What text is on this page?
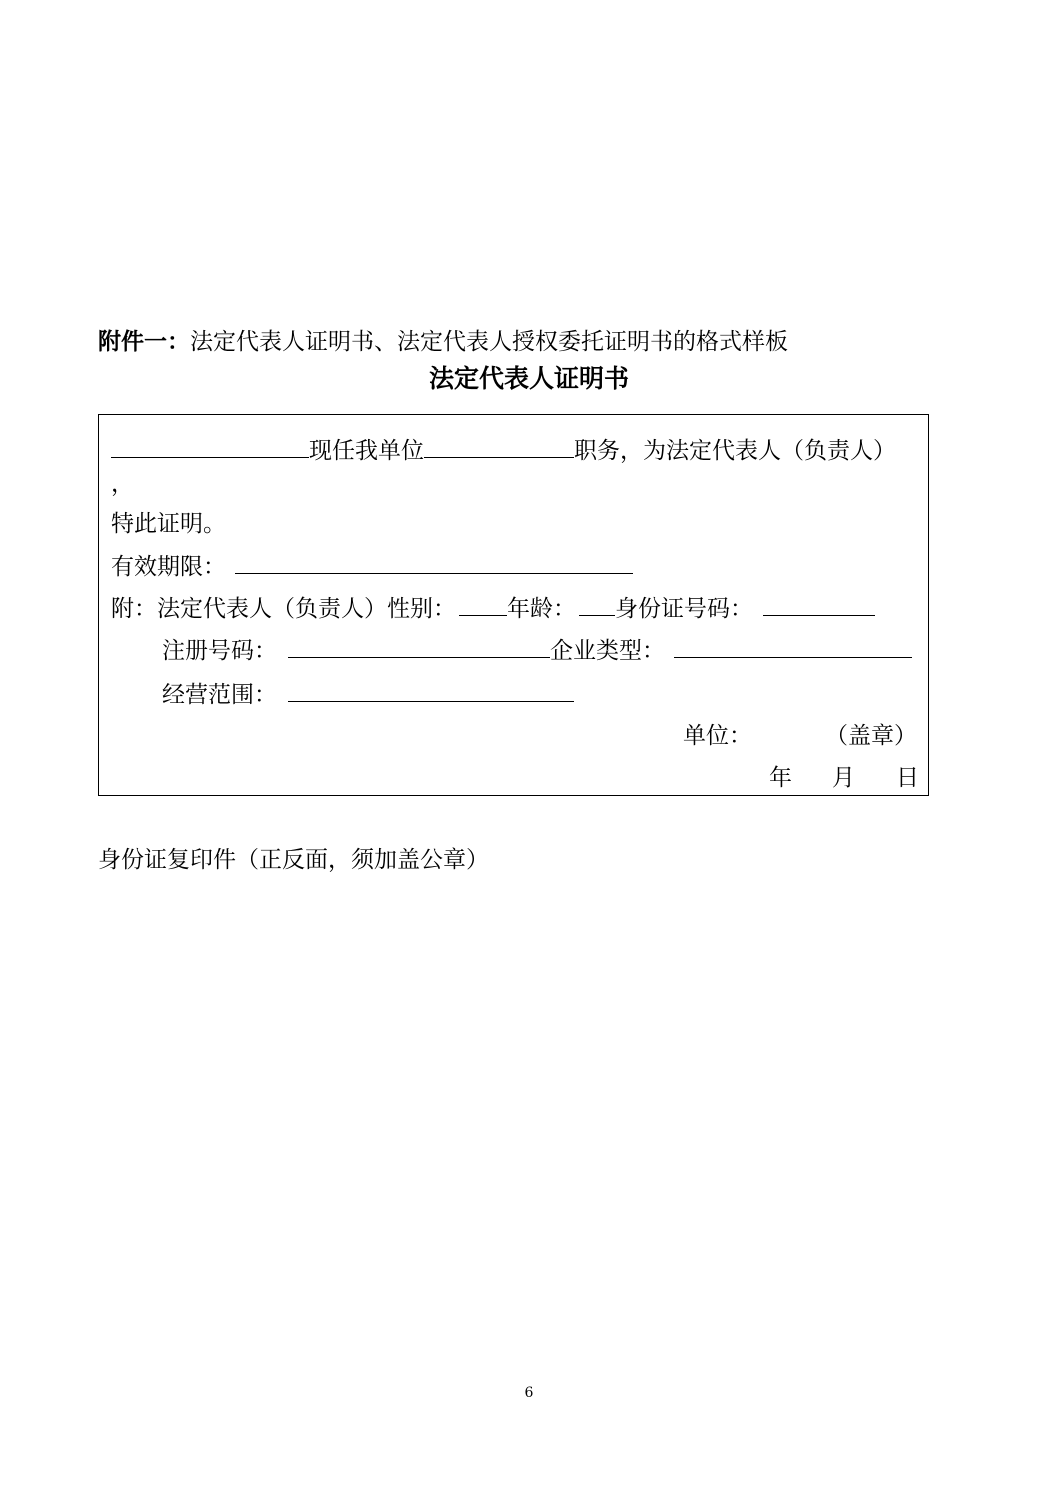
附件一：法定代表人证明书、法定代表人授权委托证明书的格式样板
法定代表人证明书
现任我单位	职务，为法定代表人（负责人）
，
特此证明。
有效期限：
附：法定代表人（负责人）性别： 年龄： 身份证号码：
注册号码：	企业类型：
经营范围：
单位：	（盖章）
年 月 日
身份证复印件（正反面，须加盖公章）
6
